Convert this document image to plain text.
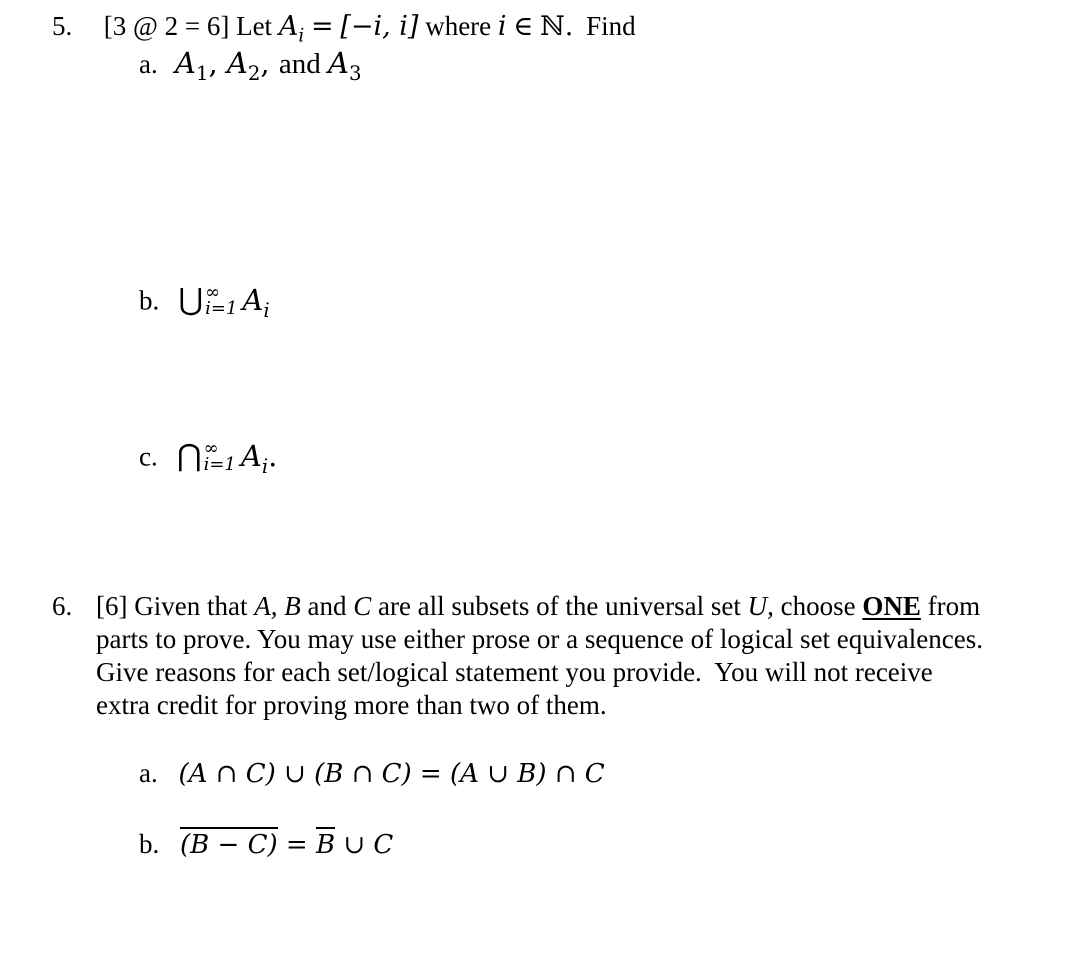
5. [3 @ 2 = 6] Let $A_i = [-i$, i] where i ∈ ℕ. Find
a. $A_1$, $A_2$, and $A_3$
b. ⋃ ∞
i=1 $A_i$
c. ⋂ ∞
i=1 $A_i$.
6. [6] Given that A, B and C are all subsets of the universal set U, choose ONE from
parts to prove. You may use either prose or a sequence of logical set equivalences.
Give reasons for each set/logical statement you provide.  You will not receive
extra credit for proving more than two of them.
a. (A ∩ C) ∪ (B ∩ C) = (A ∪ B) ∩ C
b. (B − C) = B ∪ C
